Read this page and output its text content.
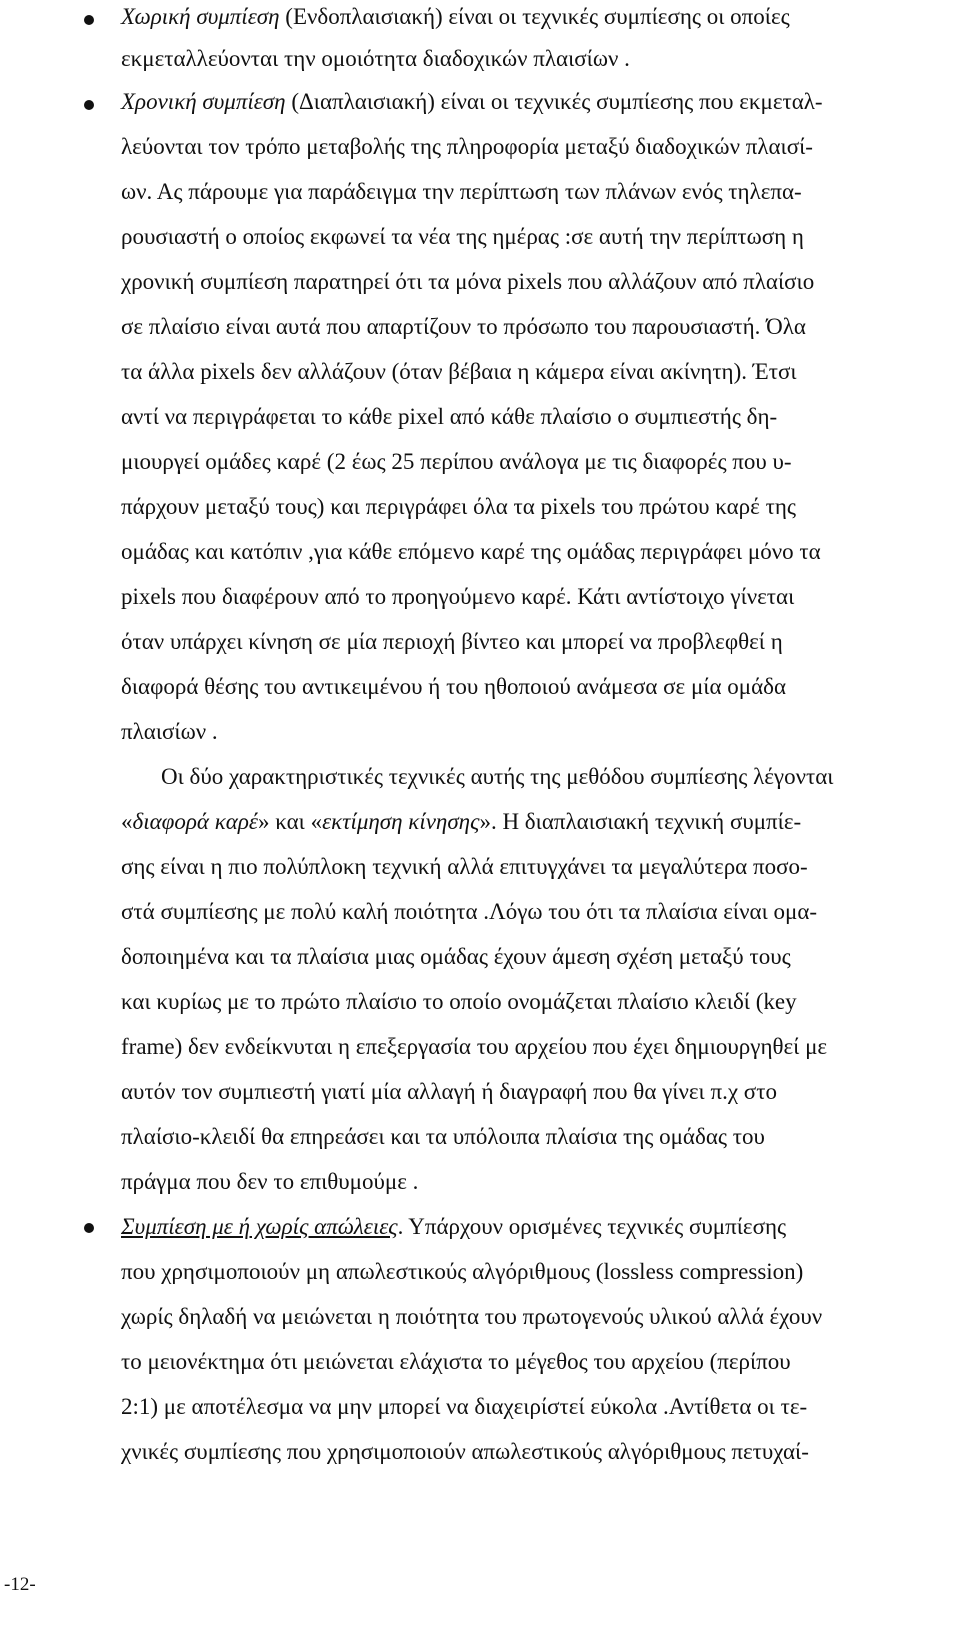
Χωρική συμπίεση (Ενδοπλαισιακή) είναι οι τεχνικές συμπίεσης οι οποίες
εκμεταλλεύονται την ομοιότητα διαδοχικών πλαισίων .
Χρονική συμπίεση (Διαπλαισιακή) είναι οι τεχνικές συμπίεσης που εκμεταλ-
λεύονται τον τρόπο μεταβολής της πληροφορία μεταξύ διαδοχικών πλαισί-
ων. Ας πάρουμε για παράδειγμα την περίπτωση των πλάνων ενός τηλεπα-
ρουσιαστή ο οποίος εκφωνεί τα νέα της ημέρας :σε αυτή την περίπτωση η
χρονική συμπίεση παρατηρεί ότι τα μόνα pixels που αλλάζουν από πλαίσιο
σε πλαίσιο είναι αυτά που απαρτίζουν το πρόσωπο του παρουσιαστή. Όλα
τα άλλα pixels δεν αλλάζουν (όταν βέβαια η κάμερα είναι ακίνητη). Έτσι
αντί να περιγράφεται το κάθε pixel από κάθε πλαίσιο ο συμπιεστής δη-
μιουργεί ομάδες καρέ (2 έως 25 περίπου ανάλογα με τις διαφορές που υ-
πάρχουν μεταξύ τους) και περιγράφει όλα τα pixels του πρώτου καρέ της
ομάδας και κατόπιν ,για κάθε επόμενο καρέ της ομάδας περιγράφει μόνο τα
pixels που διαφέρουν από το προηγούμενο καρέ. Κάτι αντίστοιχο γίνεται
όταν υπάρχει κίνηση σε μία περιοχή βίντεο και μπορεί να προβλεφθεί η
διαφορά θέσης του αντικειμένου ή του ηθοποιού ανάμεσα σε μία ομάδα
πλαισίων .
Οι δύο χαρακτηριστικές τεχνικές αυτής της μεθόδου συμπίεσης λέγονται
«διαφορά καρέ» και «εκτίμηση κίνησης». Η διαπλαισιακή τεχνική συμπίε-
σης είναι η πιο πολύπλοκη τεχνική αλλά επιτυγχάνει τα μεγαλύτερα ποσο-
στά συμπίεσης με πολύ καλή ποιότητα .Λόγω του ότι τα πλαίσια είναι ομα-
δοποιημένα και τα πλαίσια μιας ομάδας έχουν άμεση σχέση μεταξύ τους
και κυρίως με το πρώτο πλαίσιο το οποίο ονομάζεται πλαίσιο κλειδί (key
frame) δεν ενδείκνυται η επεξεργασία του αρχείου που έχει δημιουργηθεί με
αυτόν τον συμπιεστή γιατί μία αλλαγή ή διαγραφή που θα γίνει π.χ στο
πλαίσιο-κλειδί θα επηρεάσει και τα υπόλοιπα πλαίσια της ομάδας του
πράγμα που δεν το επιθυμούμε .
Συμπίεση με ή χωρίς απώλειες. Υπάρχουν ορισμένες τεχνικές συμπίεσης
που χρησιμοποιούν μη απωλεστικούς αλγόριθμους (lossless compression)
χωρίς δηλαδή να μειώνεται η ποιότητα του πρωτογενούς υλικού αλλά έχουν
το μειονέκτημα ότι μειώνεται ελάχιστα το μέγεθος του αρχείου (περίπου
2:1) με αποτέλεσμα να μην μπορεί να διαχειρίστεί εύκολα .Αντίθετα οι τε-
χνικές συμπίεσης που χρησιμοποιούν απωλεστικούς αλγόριθμους πετυχαί-
-12-
